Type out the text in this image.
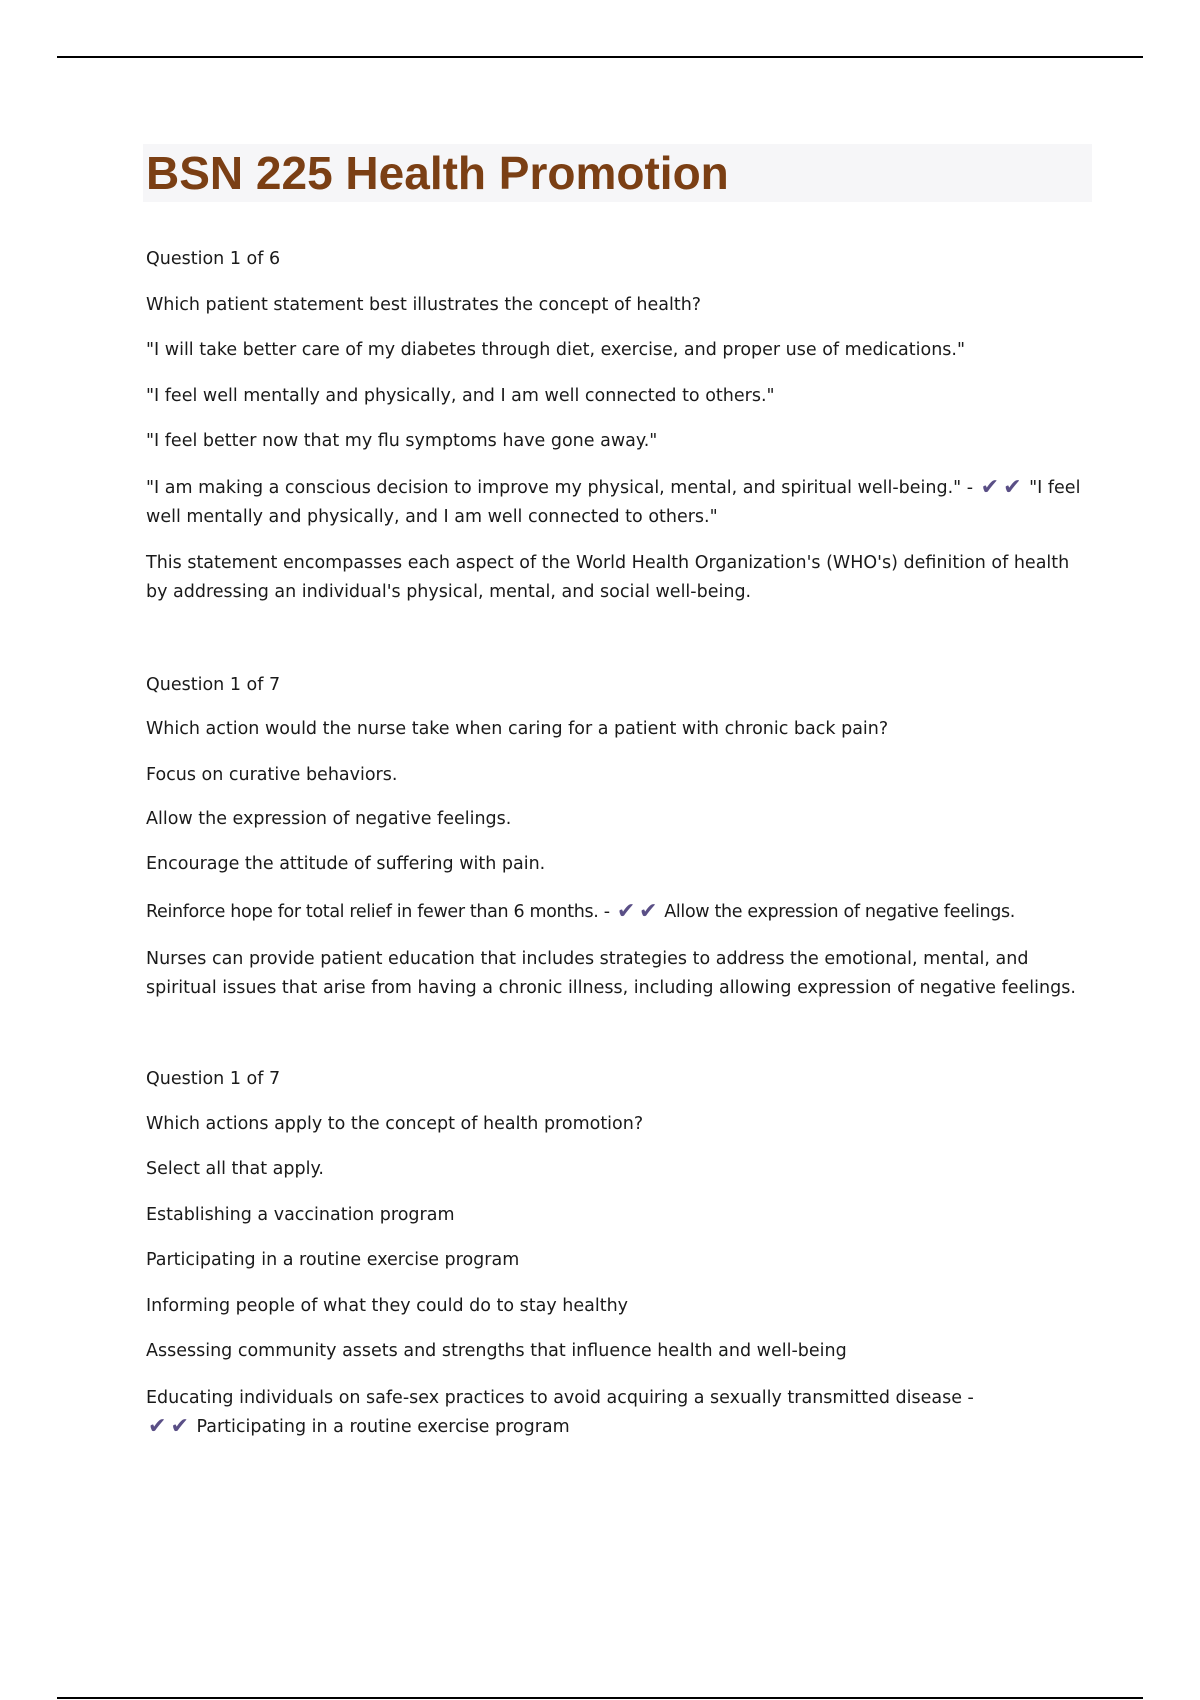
BSN 225 Health Promotion

Question 1 of 6

Which patient statement best illustrates the concept of health?

"I will take better care of my diabetes through diet, exercise, and proper use of medications."

"I feel well mentally and physically, and I am well connected to others."

"I feel better now that my flu symptoms have gone away."

"I am making a conscious decision to improve my physical, mental, and spiritual well-being." - ✔ ✔ "I feel well mentally and physically, and I am well connected to others."

This statement encompasses each aspect of the World Health Organization's (WHO's) definition of health by addressing an individual's physical, mental, and social well-being.

Question 1 of 7

Which action would the nurse take when caring for a patient with chronic back pain?

Focus on curative behaviors.

Allow the expression of negative feelings.

Encourage the attitude of suffering with pain.

Reinforce hope for total relief in fewer than 6 months. - ✔ ✔ Allow the expression of negative feelings.

Nurses can provide patient education that includes strategies to address the emotional, mental, and spiritual issues that arise from having a chronic illness, including allowing expression of negative feelings.

Question 1 of 7

Which actions apply to the concept of health promotion?

Select all that apply.

Establishing a vaccination program

Participating in a routine exercise program

Informing people of what they could do to stay healthy

Assessing community assets and strengths that influence health and well-being

Educating individuals on safe-sex practices to avoid acquiring a sexually transmitted disease -
✔ ✔ Participating in a routine exercise program
